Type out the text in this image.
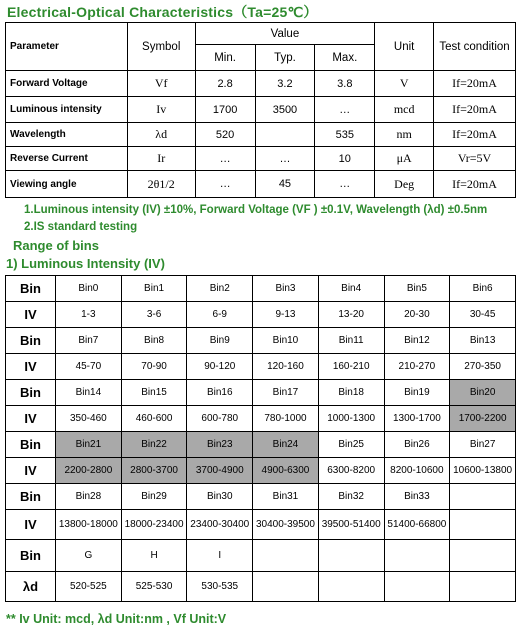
Electrical-Optical Characteristics（Ta=25℃）
Parameter	Symbol	Value			Unit	Test condition
		Min.	Typ.	Max.		
Forward Voltage	Vf	2.8	3.2	3.8	V	If=20mA
Luminous intensity	Iv	1700	3500	…	mcd	If=20mA
Wavelength	λd	520		535	nm	If=20mA
Reverse Current	Ir	…	…	10	μA	Vr=5V
Viewing angle	2θ1/2	…	45	…	Deg	If=20mA
1.Luminous intensity (IV) ±10%, Forward Voltage (VF ) ±0.1V, Wavelength (λd) ±0.5nm
2.IS standard testing
Range of bins
1) Luminous Intensity (IV)
Bin	Bin0	Bin1	Bin2	Bin3	Bin4	Bin5	Bin6
IV	1-3	3-6	6-9	9-13	13-20	20-30	30-45
Bin	Bin7	Bin8	Bin9	Bin10	Bin11	Bin12	Bin13
IV	45-70	70-90	90-120	120-160	160-210	210-270	270-350
Bin	Bin14	Bin15	Bin16	Bin17	Bin18	Bin19	Bin20
IV	350-460	460-600	600-780	780-1000	1000-1300	1300-1700	1700-2200
Bin	Bin21	Bin22	Bin23	Bin24	Bin25	Bin26	Bin27
IV	2200-2800	2800-3700	3700-4900	4900-6300	6300-8200	8200-10600	10600-13800
Bin	Bin28	Bin29	Bin30	Bin31	Bin32	Bin33	
IV	13800-18000	18000-23400	23400-30400	30400-39500	39500-51400	51400-66800	
Bin	G	H	I				
λd	520-525	525-530	530-535				
** Iv Unit: mcd, λd Unit:nm , Vf Unit:V
